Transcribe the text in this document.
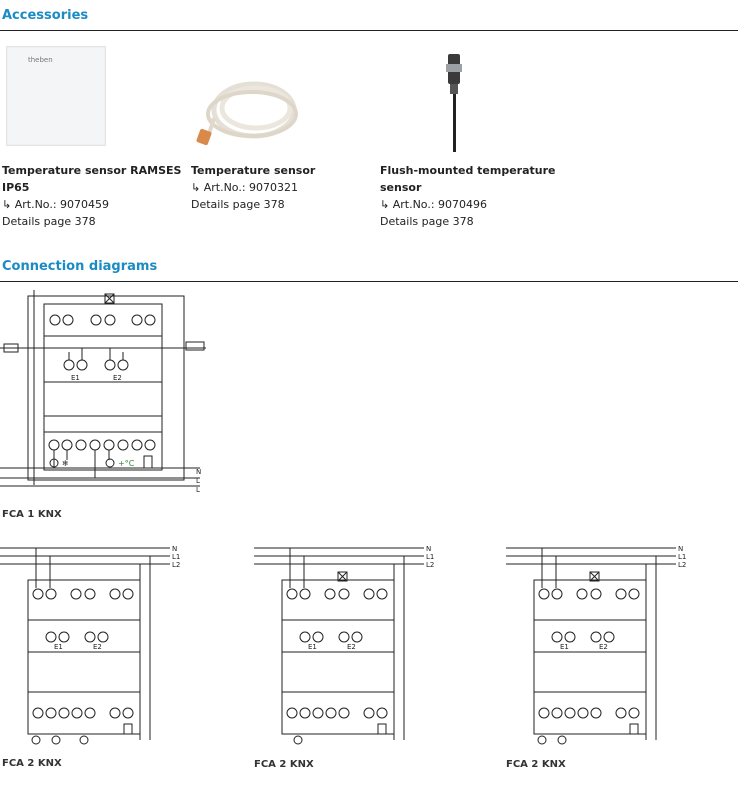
Accessories
theben
Temperature sensor RAMSES
IP65
↳ Art.No.: 9070459
Details page 378
Temperature sensor
↳ Art.No.: 9070321
Details page 378
Flush-mounted temperature
sensor
↳ Art.No.: 9070496
Details page 378
Connection diagrams
+°C
❄
E1	E2
N
L
L
FCA 1 KNX
E1	E2
N
L1
L2
FCA 2 KNX
E1	E2
N
L1
L2
FCA 2 KNX
E1	E2
N
L1
L2
FCA 2 KNX
